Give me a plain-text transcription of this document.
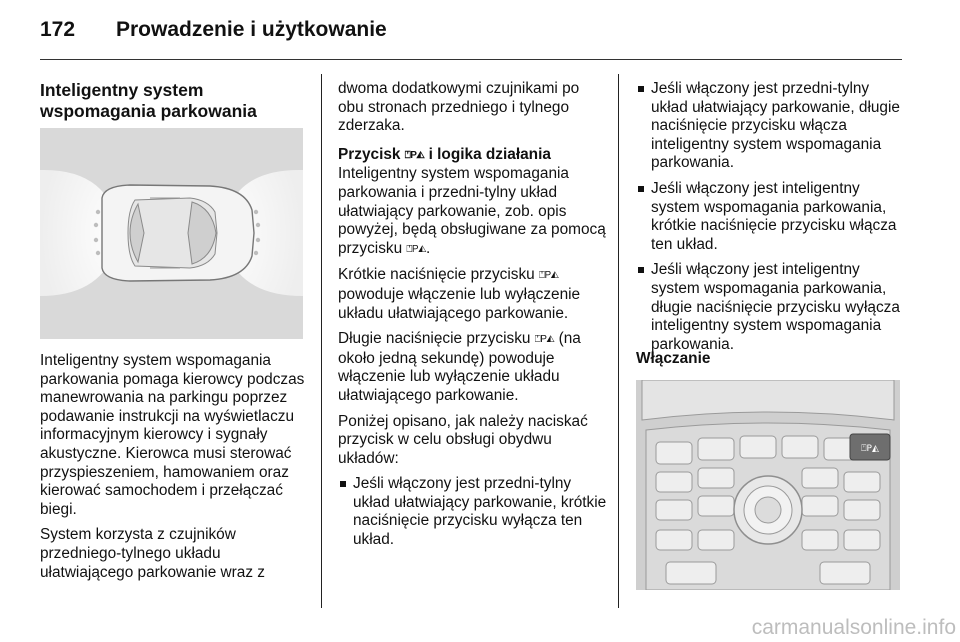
172 Prowadzenie i użytkowanie
Inteligentny system
wspomagania parkowania

Inteligentny system wspomagania parkowania pomaga kierowcy podczas manewrowania na parkingu poprzez podawanie instrukcji na wyświetlaczu informacyjnym kierowcy i sygnały akustyczne. Kierowca musi sterować przyspieszeniem, hamowaniem oraz kierować samochodem i przełączać biegi.

System korzysta z czujników przedniego-tylnego układu ułatwiającego parkowanie wraz z

dwoma dodatkowymi czujnikami po obu stronach przedniego i tylnego zderzaka.

Przycisk ⍞P◭ i logika działania

Inteligentny system wspomagania parkowania i przedni-tylny układ ułatwiający parkowanie, zob. opis powyżej, będą obsługiwane za pomocą przycisku ⍞P◭.

Krótkie naciśnięcie przycisku ⍞P◭ powoduje włączenie lub wyłączenie układu ułatwiającego parkowanie.

Długie naciśnięcie przycisku ⍞P◭ (na około jedną sekundę) powoduje włączenie lub wyłączenie układu ułatwiającego parkowanie.

Poniżej opisano, jak należy naciskać przycisk w celu obsługi obydwu układów:

Jeśli włączony jest przedni-tylny układ ułatwiający parkowanie, krótkie naciśnięcie przycisku wyłącza ten układ.
Jeśli włączony jest przedni-tylny układ ułatwiający parkowanie, długie naciśnięcie przycisku włącza inteligentny system wspomagania parkowania.
Jeśli włączony jest inteligentny system wspomagania parkowania, krótkie naciśnięcie przycisku włącza ten układ.
Jeśli włączony jest inteligentny system wspomagania parkowania, długie naciśnięcie przycisku wyłącza inteligentny system wspomagania parkowania.
Włączanie
⍞P◭
carmanualsonline.info
